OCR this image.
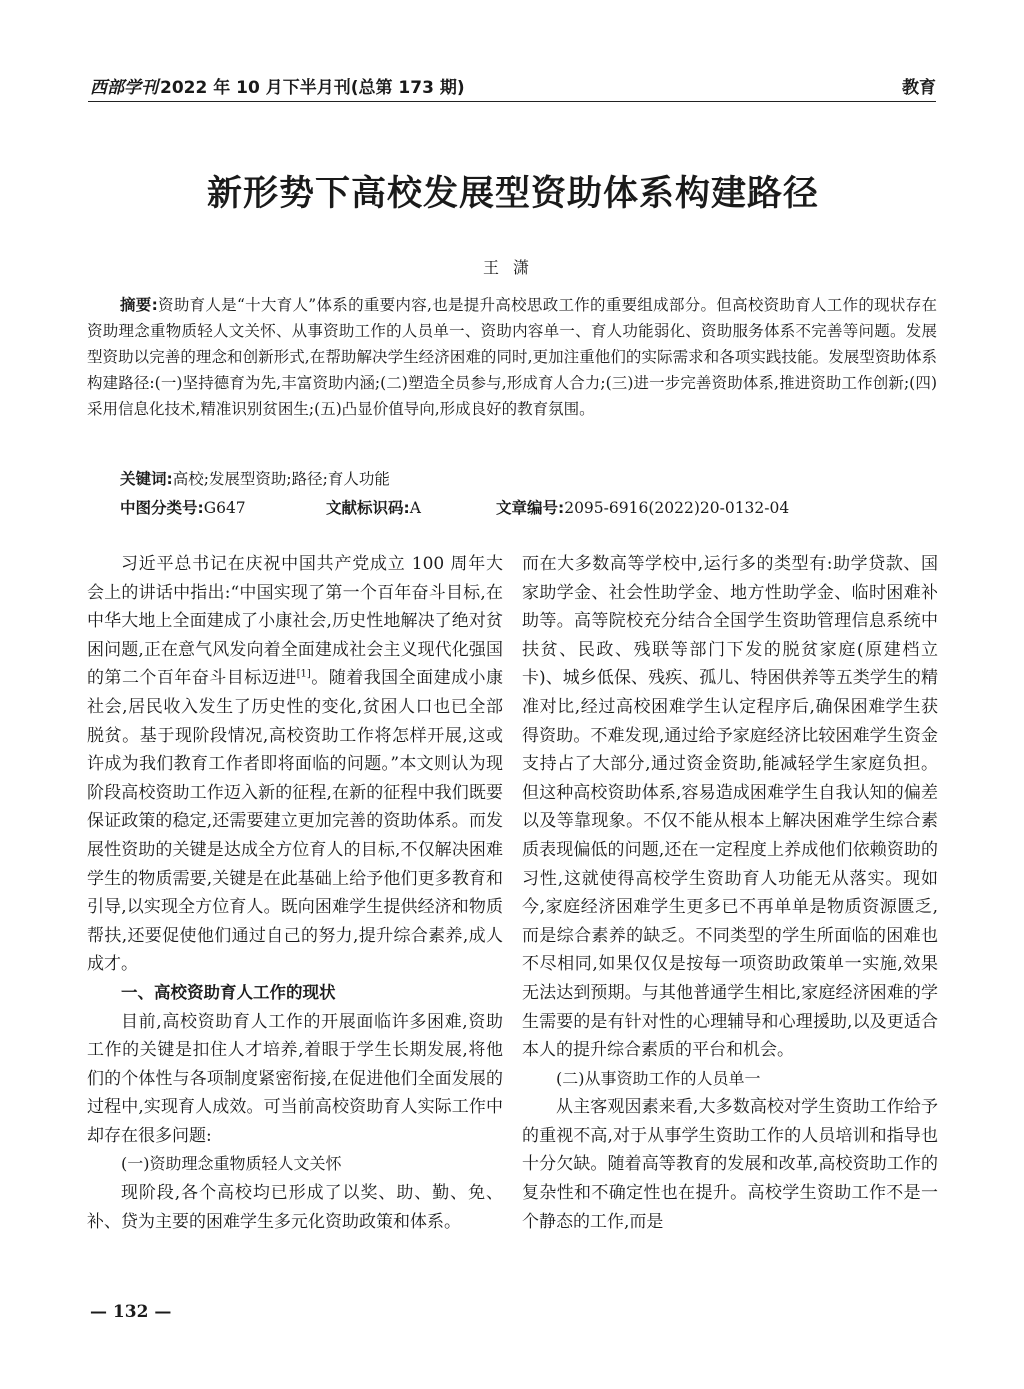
西部学刊 2022 年 10 月下半月刊(总第 173 期)	教育
新形势下高校发展型资助体系构建路径
王潇

摘要:资助育人是“十大育人”体系的重要内容,也是提升高校思政工作的重要组成部分。但高校资助育人工作的现状存在资助理念重物质轻人文关怀、从事资助工作的人员单一、资助内容单一、育人功能弱化、资助服务体系不完善等问题。发展型资助以完善的理念和创新形式,在帮助解决学生经济困难的同时,更加注重他们的实际需求和各项实践技能。发展型资助体系构建路径:(一)坚持德育为先,丰富资助内涵;(二)塑造全员参与,形成育人合力;(三)进一步完善资助体系,推进资助工作创新;(四)采用信息化技术,精准识别贫困生;(五)凸显价值导向,形成良好的教育氛围。

关键词:高校;发展型资助;路径;育人功能
中图分类号:G647	文献标识码:A	文章编号:2095-6916(2022)20-0132-04

习近平总书记在庆祝中国共产党成立 100 周年大会上的讲话中指出:“中国实现了第一个百年奋斗目标,在中华大地上全面建成了小康社会,历史性地解决了绝对贫困问题,正在意气风发向着全面建成社会主义现代化强国的第二个百年奋斗目标迈进[1]。随着我国全面建成小康社会,居民收入发生了历史性的变化,贫困人口也已全部脱贫。基于现阶段情况,高校资助工作将怎样开展,这或许成为我们教育工作者即将面临的问题。”本文则认为现阶段高校资助工作迈入新的征程,在新的征程中我们既要保证政策的稳定,还需要建立更加完善的资助体系。而发展性资助的关键是达成全方位育人的目标,不仅解决困难学生的物质需要,关键是在此基础上给予他们更多教育和引导,以实现全方位育人。既向困难学生提供经济和物质帮扶,还要促使他们通过自己的努力,提升综合素养,成人成才。

一、高校资助育人工作的现状

目前,高校资助育人工作的开展面临许多困难,资助工作的关键是扣住人才培养,着眼于学生长期发展,将他们的个体性与各项制度紧密衔接,在促进他们全面发展的过程中,实现育人成效。可当前高校资助育人实际工作中却存在很多问题:

(一)资助理念重物质轻人文关怀

现阶段,各个高校均已形成了以奖、助、勤、免、补、贷为主要的困难学生多元化资助政策和体系。

而在大多数高等学校中,运行多的类型有:助学贷款、国家助学金、社会性助学金、地方性助学金、临时困难补助等。高等院校充分结合全国学生资助管理信息系统中扶贫、民政、残联等部门下发的脱贫家庭(原建档立卡)、城乡低保、残疾、孤儿、特困供养等五类学生的精准对比,经过高校困难学生认定程序后,确保困难学生获得资助。不难发现,通过给予家庭经济比较困难学生资金支持占了大部分,通过资金资助,能减轻学生家庭负担。但这种高校资助体系,容易造成困难学生自我认知的偏差以及等靠现象。不仅不能从根本上解决困难学生综合素质表现偏低的问题,还在一定程度上养成他们依赖资助的习性,这就使得高校学生资助育人功能无从落实。现如今,家庭经济困难学生更多已不再单单是物质资源匮乏,而是综合素养的缺乏。不同类型的学生所面临的困难也不尽相同,如果仅仅是按每一项资助政策单一实施,效果无法达到预期。与其他普通学生相比,家庭经济困难的学生需要的是有针对性的心理辅导和心理援助,以及更适合本人的提升综合素质的平台和机会。

(二)从事资助工作的人员单一

从主客观因素来看,大多数高校对学生资助工作给予的重视不高,对于从事学生资助工作的人员培训和指导也十分欠缺。随着高等教育的发展和改革,高校资助工作的复杂性和不确定性也在提升。高校学生资助工作不是一个静态的工作,而是

— 132 —
